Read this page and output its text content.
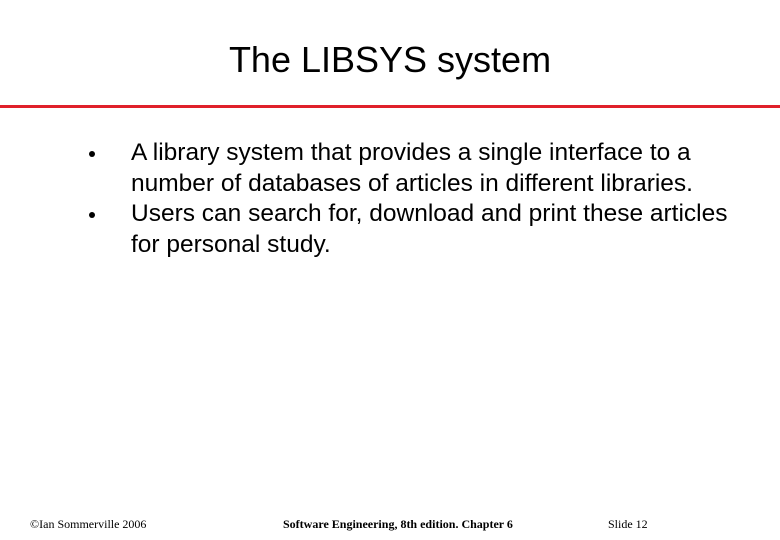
The LIBSYS system
A library system that provides a single interface to a number of databases of articles in different libraries.
Users can search for, download and print these articles for personal study.
©Ian Sommerville 2006	Software Engineering, 8th edition. Chapter 6	Slide 12
